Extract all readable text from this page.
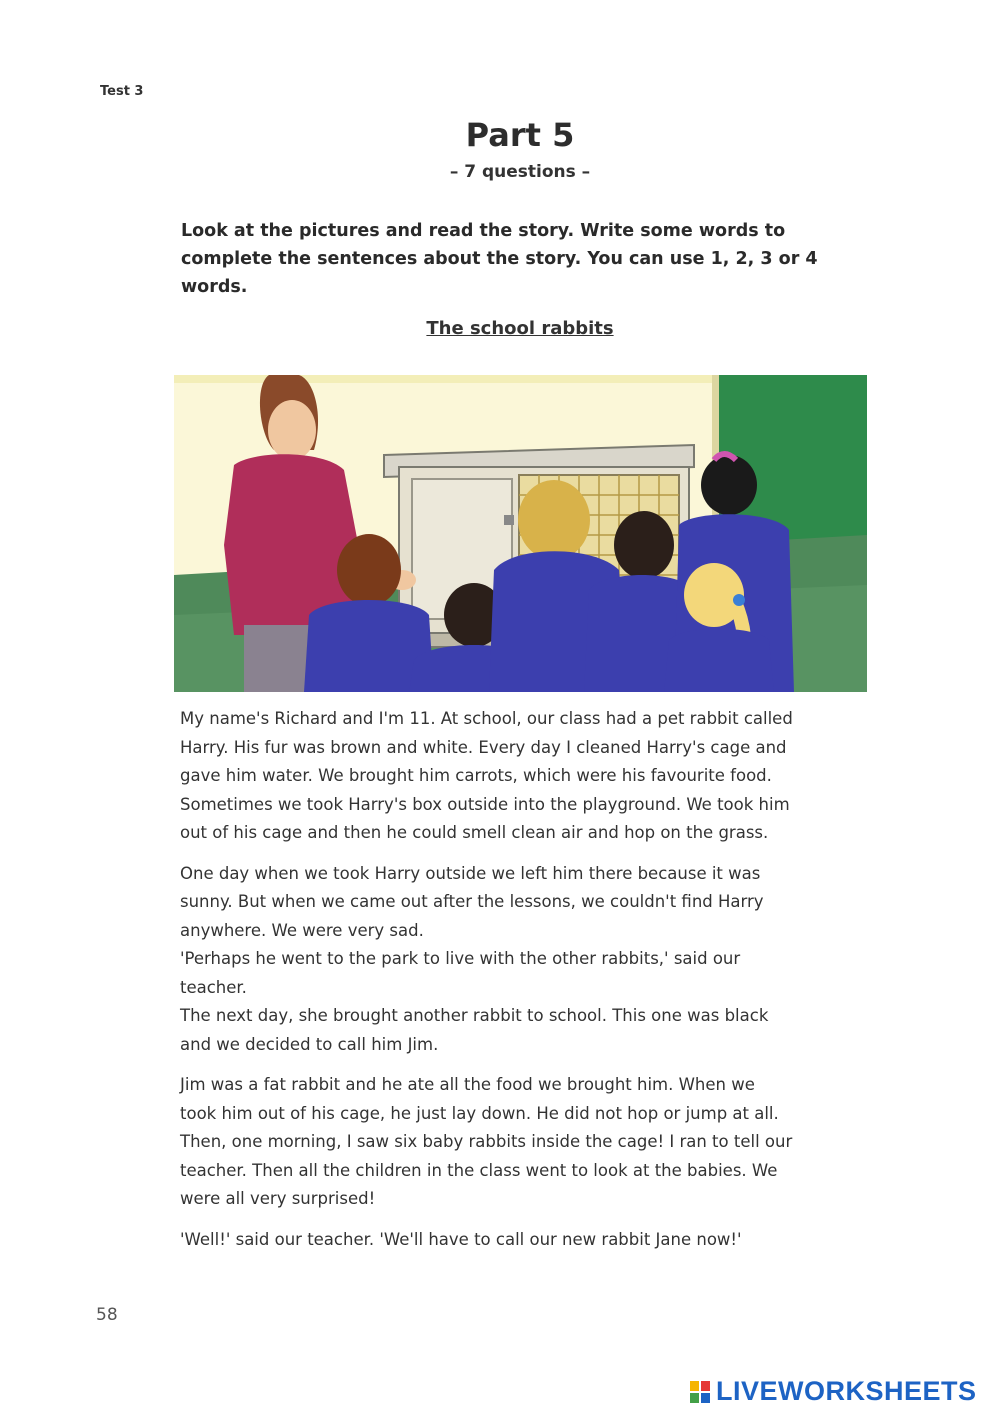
Test 3
Part 5
– 7 questions –
Look at the pictures and read the story. Write some words to complete the sentences about the story. You can use 1, 2, 3 or 4 words.
The school rabbits

My name's Richard and I'm 11. At school, our class had a pet rabbit called
Harry. His fur was brown and white. Every day I cleaned Harry's cage and
gave him water. We brought him carrots, which were his favourite food.
Sometimes we took Harry's box outside into the playground. We took him
out of his cage and then he could smell clean air and hop on the grass.

One day when we took Harry outside we left him there because it was
sunny. But when we came out after the lessons, we couldn't find Harry
anywhere. We were very sad.
'Perhaps he went to the park to live with the other rabbits,' said our
teacher.
The next day, she brought another rabbit to school. This one was black
and we decided to call him Jim.

Jim was a fat rabbit and he ate all the food we brought him. When we
took him out of his cage, he just lay down. He did not hop or jump at all.
Then, one morning, I saw six baby rabbits inside the cage! I ran to tell our
teacher. Then all the children in the class went to look at the babies. We
were all very surprised!

'Well!' said our teacher. 'We'll have to call our new rabbit Jane now!'

58
LIVEWORKSHEETS
